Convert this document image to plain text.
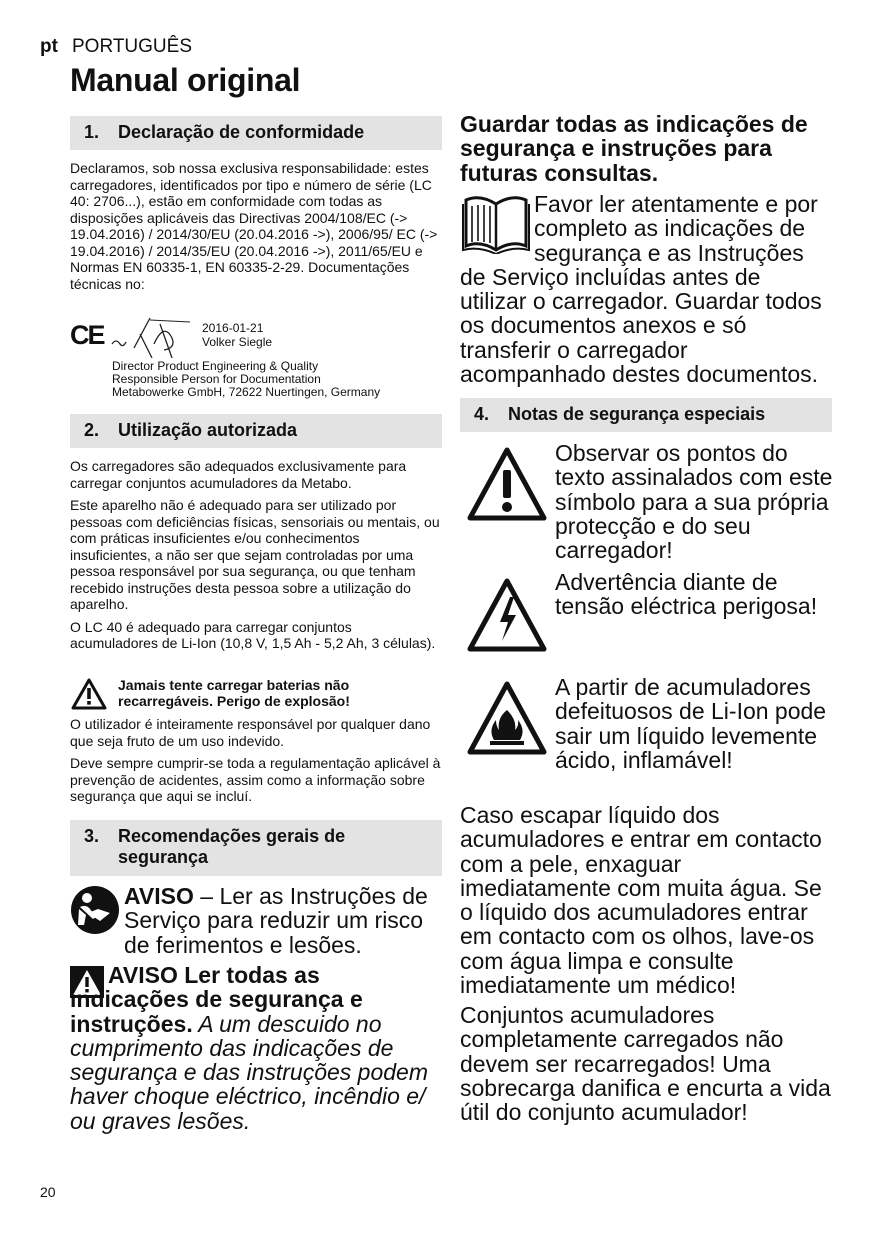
pt PORTUGUÊS
Manual original
1. Declaração de conformidade
Declaramos, sob nossa exclusiva responsabilidade: estes carregadores, identificados por tipo e número de série (LC 40: 2706...), estão em conformidade com todas as disposições aplicáveis das Directivas 2004/108/EC (-> 19.04.2016) / 2014/30/EU (20.04.2016 ->), 2006/95/ EC (-> 19.04.2016) / 2014/35/EU (20.04.2016 ->), 2011/65/EU e Normas EN 60335-1, EN 60335-2-29. Documentações técnicas no:
CE	2016-01-21
Volker Siegle
Director Product Engineering & Quality
Responsible Person for Documentation
Metabowerke GmbH, 72622 Nuertingen, Germany
2. Utilização autorizada

Os carregadores são adequados exclusivamente para carregar conjuntos acumuladores da Metabo.

Este aparelho não é adequado para ser utilizado por pessoas com deficiências físicas, sensoriais ou mentais, ou com práticas insuficientes e/ou conhecimentos insuficientes, a não ser que sejam controladas por uma pessoa responsável por sua segurança, ou que tenham recebido instruções desta pessoa sobre a utilização do aparelho.

O LC 40 é adequado para carregar conjuntos acumuladores de Li-Ion (10,8 V, 1,5 Ah - 5,2 Ah, 3 células).

Jamais tente carregar baterias não recarregáveis. Perigo de explosão!

O utilizador é inteiramente responsável por qualquer dano que seja fruto de um uso indevido.

Deve sempre cumprir-se toda a regulamentação aplicável à prevenção de acidentes, assim como a informação sobre segurança que aqui se incluí.

3. Recomendações gerais de segurança
AVISO – Ler as Instruções de Serviço para reduzir um risco de ferimentos e lesões.
AVISO Ler todas as indicações de segurança e instruções. A um descuido no cumprimento das indicações de segurança e das instruções podem haver choque eléctrico, incêndio e/ ou graves lesões.
Guardar todas as indicações de segurança e instruções para futuras consultas.
Favor ler atentamente e por completo as indicações de segurança e as Instruções de Serviço incluídas antes de utilizar o carregador. Guardar todos os documentos anexos e só transferir o carregador acompanhado destes documentos.
4. Notas de segurança especiais
Observar os pontos do texto assinalados com este símbolo para a sua própria protecção e do seu carregador!
Advertência diante de tensão eléctrica perigosa!
A partir de acumuladores defeituosos de Li-Ion pode sair um líquido levemente ácido, inflamável!
Caso escapar líquido dos acumuladores e entrar em contacto com a pele, enxaguar imediatamente com muita água. Se o líquido dos acumuladores entrar em contacto com os olhos, lave-os com água limpa e consulte imediatamente um médico!
Conjuntos acumuladores completamente carregados não devem ser recarregados! Uma sobrecarga danifica e encurta a vida útil do conjunto acumulador!
20
